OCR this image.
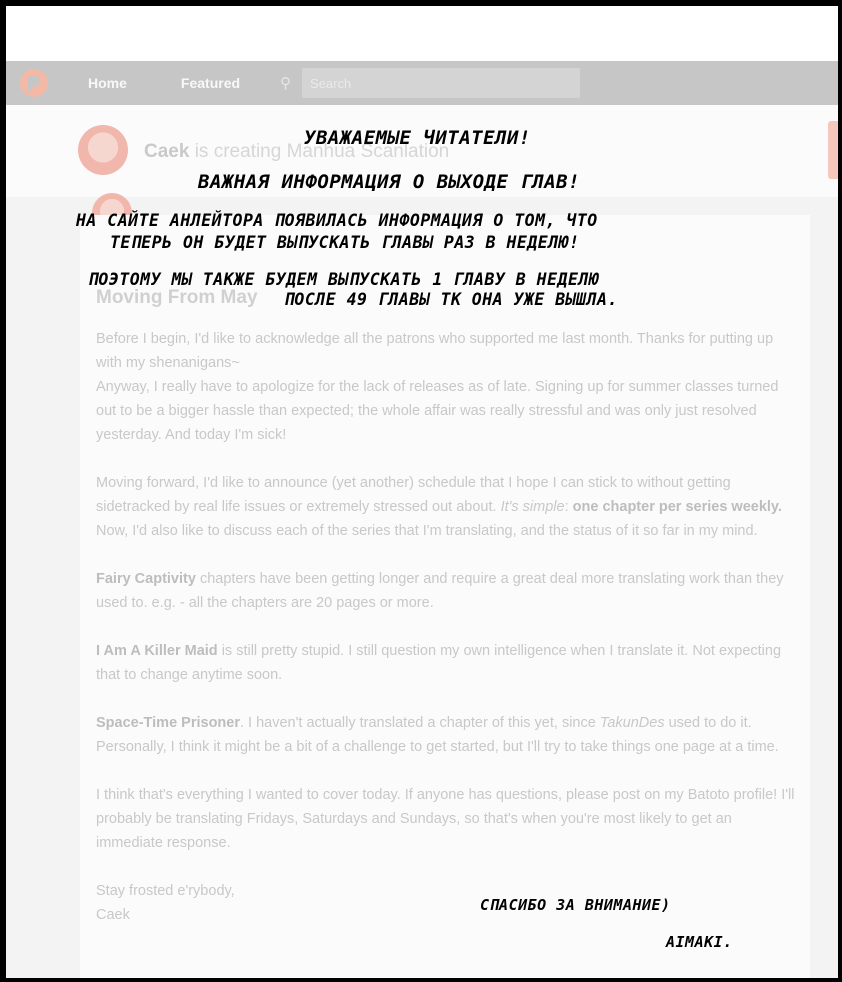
Home	Featured	⚲
Search
Caek is creating Manhua Scanlation
Moving From May

Before I begin, I'd like to acknowledge all the patrons who supported me last month. Thanks for putting up with my shenanigans~

Anyway, I really have to apologize for the lack of releases as of late. Signing up for summer classes turned out to be a bigger hassle than expected; the whole affair was really stressful and was only just resolved yesterday. And today I'm sick!

Moving forward, I'd like to announce (yet another) schedule that I hope I can stick to without getting sidetracked by real life issues or extremely stressed out about. It's simple: one chapter per series weekly. Now, I'd also like to discuss each of the series that I'm translating, and the status of it so far in my mind.

Fairy Captivity chapters have been getting longer and require a great deal more translating work than they used to. e.g. - all the chapters are 20 pages or more.

I Am A Killer Maid is still pretty stupid. I still question my own intelligence when I translate it. Not expecting that to change anytime soon.

Space-Time Prisoner. I haven't actually translated a chapter of this yet, since TakunDes used to do it. Personally, I think it might be a bit of a challenge to get started, but I'll try to take things one page at a time.

I think that's everything I wanted to cover today. If anyone has questions, please post on my Batoto profile! I'll probably be translating Fridays, Saturdays and Sundays, so that's when you're most likely to get an immediate response.

Stay frosted e'rybody,
Caek
УВАЖАЕМЫЕ ЧИТАТЕЛИ!
ВАЖНАЯ ИНФОРМАЦИЯ О ВЫХОДЕ ГЛАВ!
НА САЙТЕ АНЛЕЙТОРА ПОЯВИЛАСЬ ИНФОРМАЦИЯ О ТОМ, ЧТО
ТЕПЕРЬ ОН БУДЕТ ВЫПУСКАТЬ ГЛАВЫ РАЗ В НЕДЕЛЮ!
ПОЭТОМУ МЫ ТАКЖЕ БУДЕМ ВЫПУСКАТЬ 1 ГЛАВУ В НЕДЕЛЮ
ПОСЛЕ 49 ГЛАВЫ ТК ОНА УЖЕ ВЫШЛА.
СПАСИБО ЗА ВНИМАНИЕ)
AIMAKI.
